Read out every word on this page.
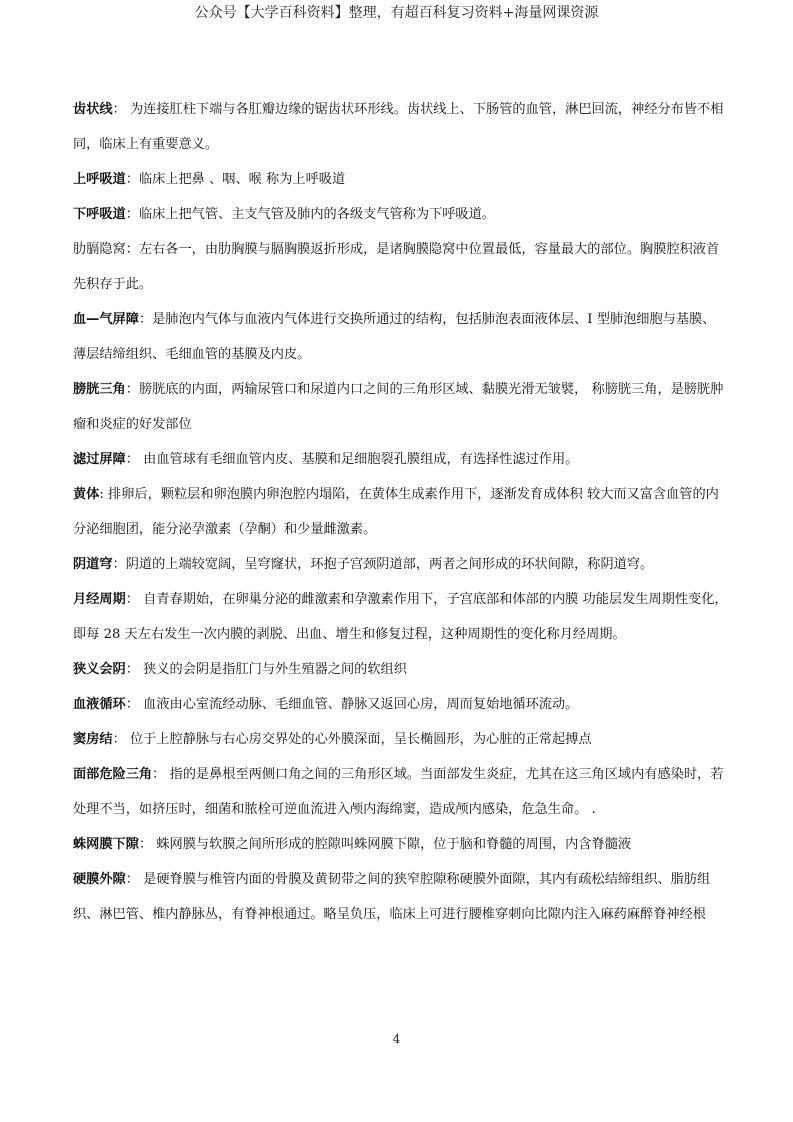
公众号【大学百科资料】整理，有超百科复习资料+海量网课资源

齿状线： 为连接肛柱下端与各肛瓣边缘的锯齿状环形线。齿状线上、下肠管的血管，淋巴回流，神经分布皆不相同，临床上有重要意义。

上呼吸道：临床上把鼻 、咽、喉 称为上呼吸道

下呼吸道：临床上把气管、主支气管及肺内的各级支气管称为下呼吸道。

肋膈隐窝：左右各一，由肋胸膜与膈胸膜返折形成，是诸胸膜隐窝中位置最低，容量最大的部位。胸膜腔积液首先积存于此。

血—气屏障：是肺泡内气体与血液内气体进行交换所通过的结构，包括肺泡表面液体层、I 型肺泡细胞与基膜、薄层结缔组织、毛细血管的基膜及内皮。

膀胱三角：膀胱底的内面，两输尿管口和尿道内口之间的三角形区域、黏膜光滑无皱襞， 称膀胱三角，是膀胱肿瘤和炎症的好发部位

滤过屏障： 由血管球有毛细血管内皮、基膜和足细胞裂孔膜组成，有选择性滤过作用。

黄体: 排卵后，颗粒层和卵泡膜内卵泡腔内塌陷，在黄体生成素作用下，逐渐发育成体积 较大而又富含血管的内分泌细胞团，能分泌孕激素（孕酮）和少量雌激素。

阴道穹：阴道的上端较宽阔，呈穹窿状，环抱子宫颈阴道部，两者之间形成的环状间隙，称阴道穹。

月经周期： 自青春期始，在卵巢分泌的雌激素和孕激素作用下，子宫底部和体部的内膜 功能层发生周期性变化，即每 28 天左右发生一次内膜的剥脱、出血、增生和修复过程，这种周期性的变化称月经周期。

狭义会阴： 狭义的会阴是指肛门与外生殖器之间的软组织

血液循环： 血液由心室流经动脉、毛细血管、静脉又返回心房，周而复始地循环流动。

窦房结： 位于上腔静脉与右心房交界处的心外膜深面，呈长椭圆形，为心脏的正常起搏点

面部危险三角： 指的是鼻根至两侧口角之间的三角形区域。当面部发生炎症，尤其在这三角区域内有感染时，若处理不当，如挤压时，细菌和脓栓可逆血流进入颅内海绵窦，造成颅内感染，危急生命。 .

蛛网膜下隙： 蛛网膜与软膜之间所形成的腔隙叫蛛网膜下隙，位于脑和脊髓的周围，内含脊髓液

硬膜外隙： 是硬脊膜与椎管内面的骨膜及黄韧带之间的狭窄腔隙称硬膜外面隙，其内有疏松结缔组织、脂肪组织、淋巴管、椎内静脉丛，有脊神根通过。略呈负压，临床上可进行腰椎穿刺向比隙内注入麻药麻醉脊神经根

4
